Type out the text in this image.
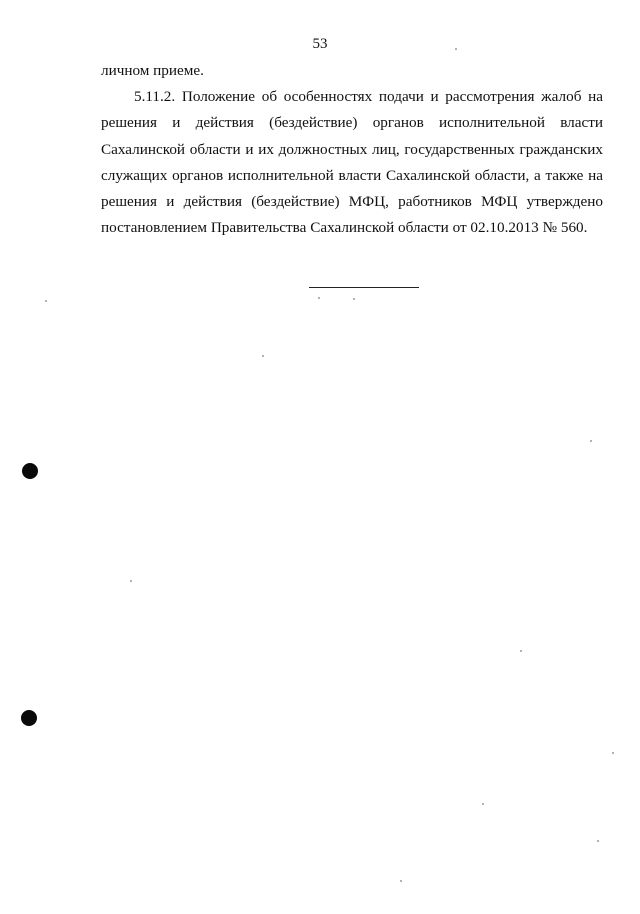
53
личном приеме.
5.11.2. Положение об особенностях подачи и рассмотрения жалоб на
решения и действия (бездействие) органов исполнительной власти
Сахалинской области и их должностных лиц, государственных гражданских
служащих органов исполнительной власти Сахалинской области, а также на
решения и действия (бездействие) МФЦ, работников МФЦ утверждено
постановлением Правительства Сахалинской области от 02.10.2013 № 560.
